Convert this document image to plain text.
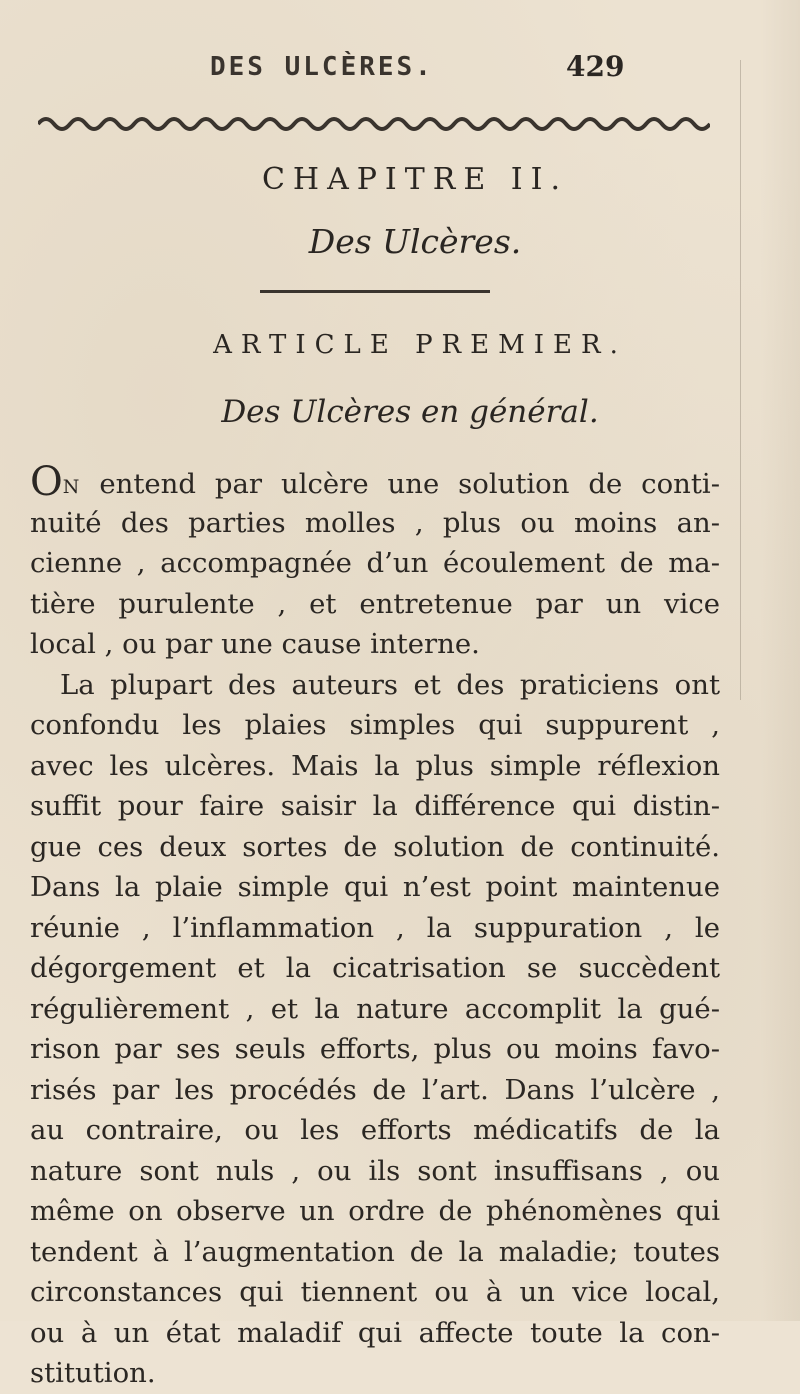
DES ULCÈRES.	429
CHAPITRE II.
Des Ulcères.
ARTICLE PREMIER.
Des Ulcères en général.
ON entend par ulcère une solution de conti-
nuité des parties molles , plus ou moins an-
cienne , accompagnée d’un écoulement de ma-
tière purulente , et entretenue par un vice
local , ou par une cause interne.
La plupart des auteurs et des praticiens ont
confondu les plaies simples qui suppurent ,
avec les ulcères. Mais la plus simple réflexion
suffit pour faire saisir la différence qui distin-
gue ces deux sortes de solution de continuité.
Dans la plaie simple qui n’est point maintenue
réunie , l’inflammation , la suppuration , le
dégorgement et la cicatrisation se succèdent
régulièrement , et la nature accomplit la gué-
rison par ses seuls efforts, plus ou moins favo-
risés par les procédés de l’art. Dans l’ulcère ,
au contraire, ou les efforts médicatifs de la
nature sont nuls , ou ils sont insuffisans , ou
même on observe un ordre de phénomènes qui
tendent à l’augmentation de la maladie; toutes
circonstances qui tiennent ou à un vice local,
ou à un état maladif qui affecte toute la con-
stitution.
